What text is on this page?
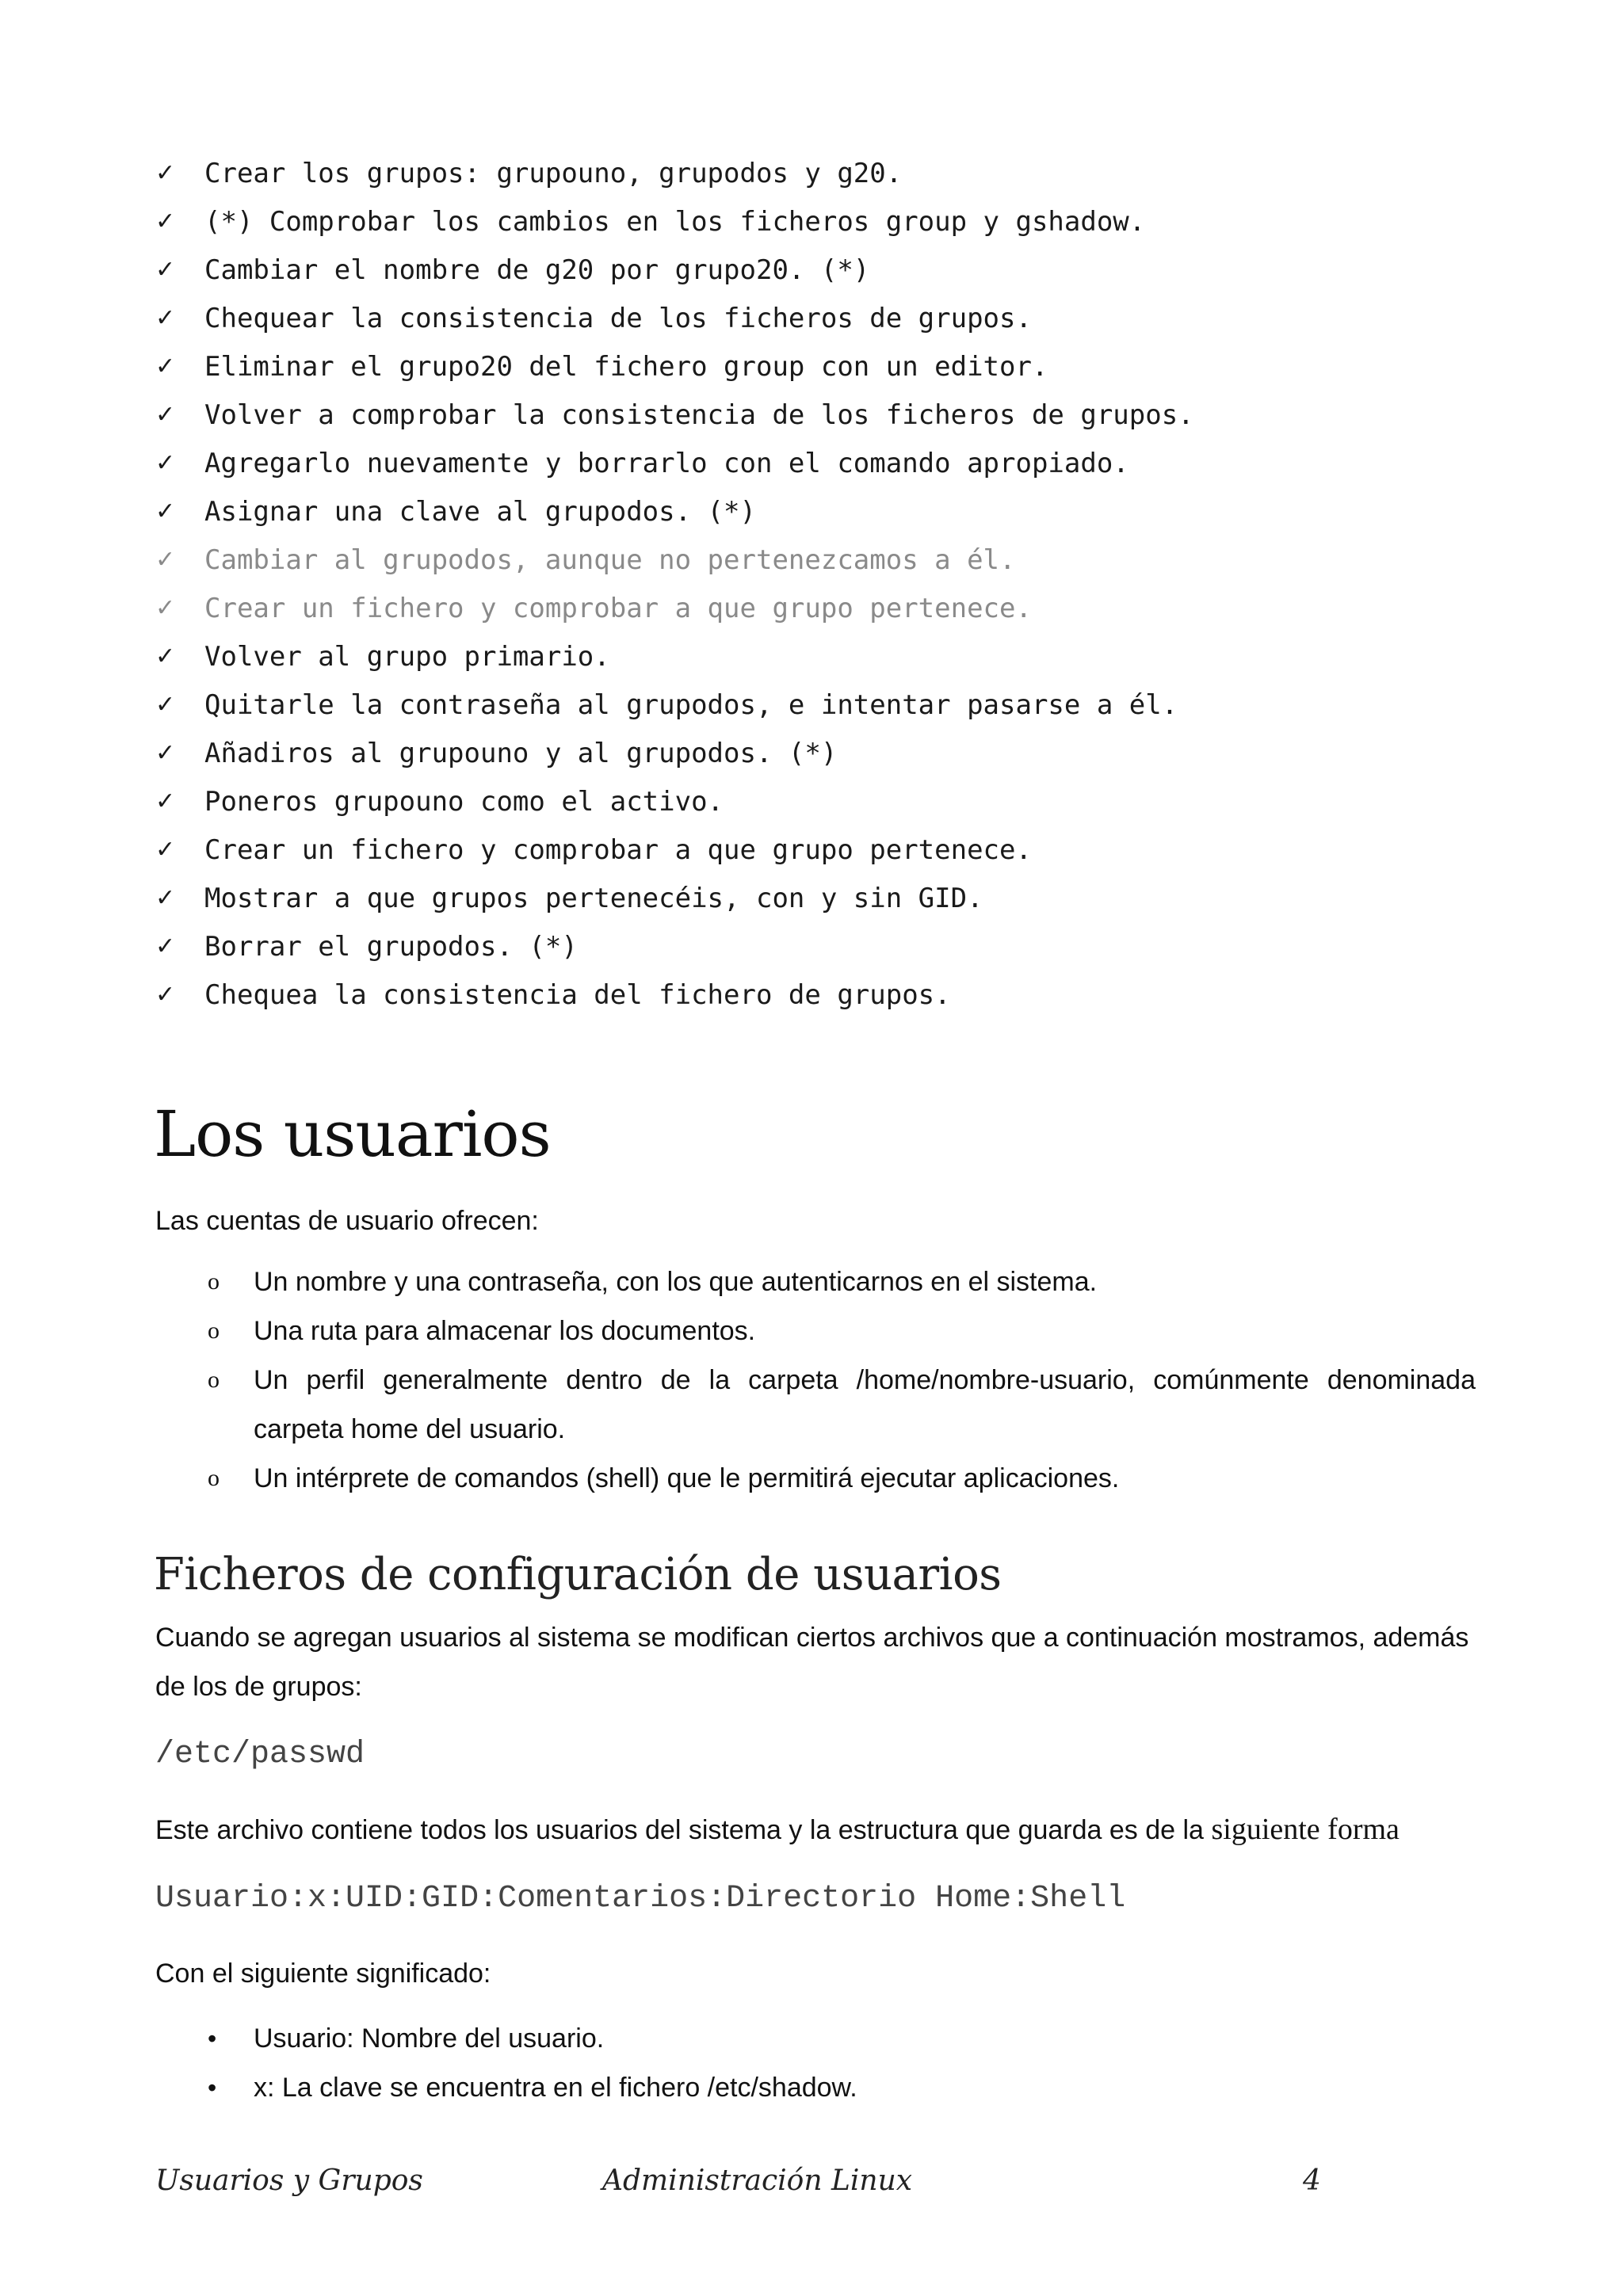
✓	Crear los grupos: grupouno, grupodos y g20.
✓	(*) Comprobar los cambios en los ficheros group y gshadow.
✓	Cambiar el nombre de g20 por grupo20. (*)
✓	Chequear la consistencia de los ficheros de grupos.
✓	Eliminar el grupo20 del fichero group con un editor.
✓	Volver a comprobar la consistencia de los ficheros de grupos.
✓	Agregarlo nuevamente y borrarlo con el comando apropiado.
✓	Asignar una clave al grupodos. (*)
✓	Cambiar al grupodos, aunque no pertenezcamos a él.
✓	Crear un fichero y comprobar a que grupo pertenece.
✓	Volver al grupo primario.
✓	Quitarle la contraseña al grupodos, e intentar pasarse a él.
✓	Añadiros al grupouno y al grupodos. (*)
✓	Poneros grupouno como el activo.
✓	Crear un fichero y comprobar a que grupo pertenece.
✓	Mostrar a que grupos pertenecéis, con y sin GID.
✓	Borrar el grupodos. (*)
✓	Chequea la consistencia del fichero de grupos.
Los usuarios

Las cuentas de usuario ofrecen:

o Un nombre y una contraseña, con los que autenticarnos en el sistema.
o Una ruta para almacenar los documentos.
o Un perfil generalmente dentro de la carpeta /home/nombre-usuario, comúnmente denominada carpeta home del usuario.
o Un intérprete de comandos (shell) que le permitirá ejecutar aplicaciones.
Ficheros de configuración de usuarios

Cuando se agregan usuarios al sistema se modifican ciertos archivos que a continuación mostramos, además de los de grupos:

/etc/passwd

Este archivo contiene todos los usuarios del sistema y la estructura que guarda es de la siguiente forma

Usuario:x:UID:GID:Comentarios:Directorio Home:Shell

Con el siguiente significado:

• Usuario: Nombre del usuario.
• x: La clave se encuentra en el fichero /etc/shadow.
Usuarios y Grupos	Administración Linux	4
